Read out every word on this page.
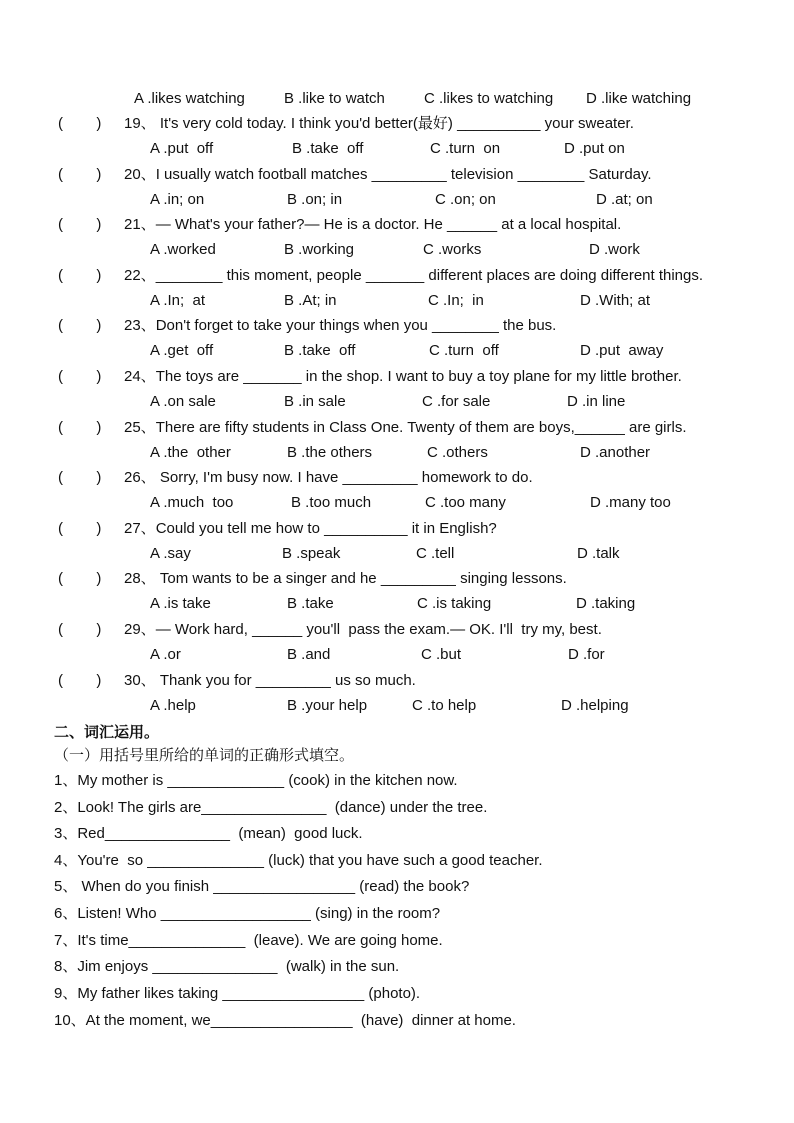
A .likes watching	B .like to watch	C .likes to watching D .like watching
(        ) 19、 It's very cold today. I think you'd better(最好) __________ your sweater.
A .put  off	B .take  off	C .turn  on	D .put on
(        ) 20、I usually watch football matches _________ television ________ Saturday.
A .in; on	B .on; in	C .on; on	D .at; on
(        ) 21、— What's your father?— He is a doctor. He ______ at a local hospital.
A .worked	B .working	C .works	D .work
(        ) 22、________ this moment, people _______ different places are doing different things.
A .In;  at	B .At; in	C .In;  in	D .With; at
(        ) 23、Don't forget to take your things when you ________ the bus.
A .get  off	B .take  off	C .turn  off	D .put  away
(        ) 24、The toys are _______ in the shop. I want to buy a toy plane for my little brother.
A .on sale	B .in sale	C .for sale	D .in line
(        ) 25、There are fifty students in Class One. Twenty of them are boys,______ are girls.
A .the  other	B .the others	C .others	D .another
(        ) 26、 Sorry, I'm busy now. I have _________ homework to do.
A .much  too	B .too much	C .too many	D .many too
(        ) 27、Could you tell me how to __________ it in English?
A .say	B .speak	C .tell	D .talk
(        ) 28、 Tom wants to be a singer and he _________ singing lessons.
A .is take	B .take	C .is taking	D .taking
(        ) 29、— Work hard, ______ you'll  pass the exam.— OK. I'll  try my, best.
A .or	B .and	C .but	D .for
(        ) 30、 Thank you for _________ us so much.
A .help	B .your help	C .to help	D .helping
二、词汇运用。
（一）用括号里所给的单词的正确形式填空。
1、My mother is ______________ (cook) in the kitchen now.
2、Look! The girls are_______________  (dance) under the tree.
3、Red_______________  (mean)  good luck.
4、You're  so ______________ (luck) that you have such a good teacher.
5、 When do you finish _________________ (read) the book?
6、Listen! Who __________________ (sing) in the room?
7、It's time______________  (leave). We are going home.
8、Jim enjoys _______________  (walk) in the sun.
9、My father likes taking _________________ (photo).
10、At the moment, we_________________  (have)  dinner at home.
